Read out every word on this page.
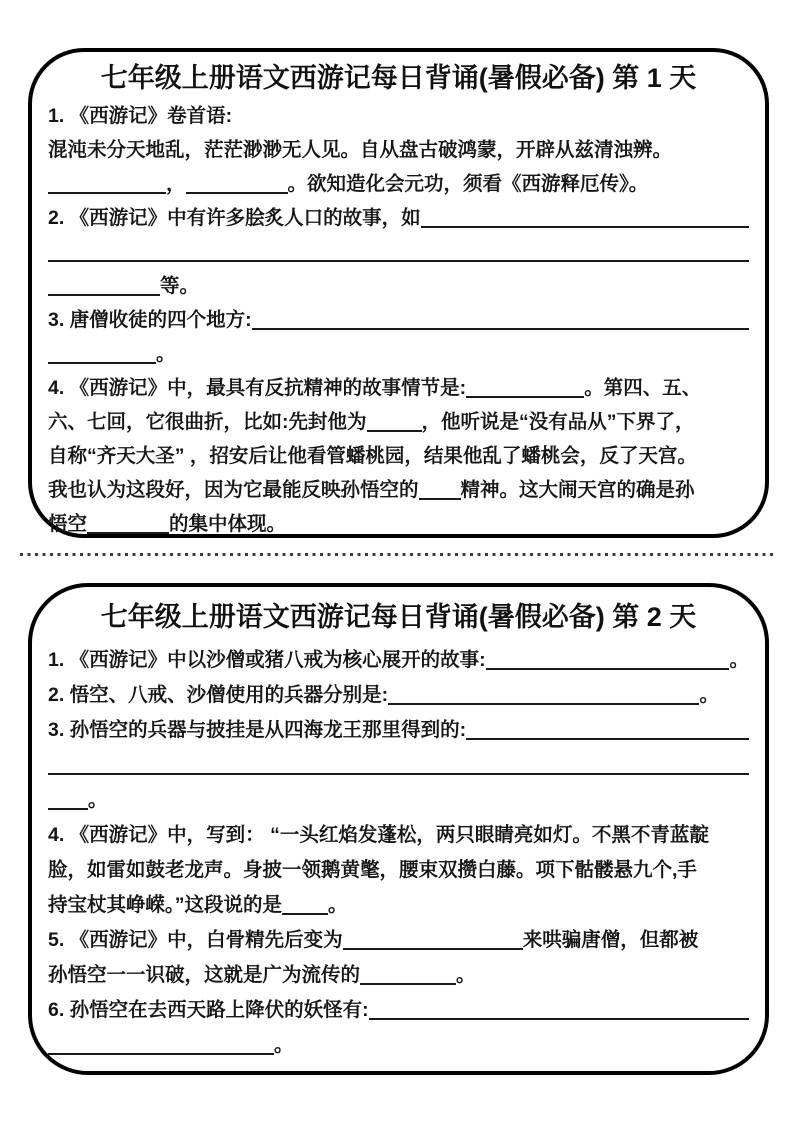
七年级上册语文西游记每日背诵(暑假必备) 第 1 天
1. 《西游记》卷首语:
混沌未分天地乱，茫茫渺渺无人见。自从盘古破鸿蒙，开辟从兹清浊辨。
，	。欲知造化会元功，须看《西游释厄传》。
2. 《西游记》中有许多脍炙人口的故事，如
等。
3. 唐僧收徒的四个地方:
。
4. 《西游记》中，最具有反抗精神的故事情节是:	。第四、五、
六、七回，它很曲折，比如:先封他为	，他听说是“没有品从”下界了，
自称“齐天大圣” ，招安后让他看管蟠桃园，结果他乱了蟠桃会，反了天宫。
我也认为这段好，因为它最能反映孙悟空的 精神。这大闹天宫的确是孙
悟空	的集中体现。
七年级上册语文西游记每日背诵(暑假必备) 第 2 天
1. 《西游记》中以沙僧或猪八戒为核心展开的故事:	。
2. 悟空、八戒、沙僧使用的兵器分别是:	。
3. 孙悟空的兵器与披挂是从四海龙王那里得到的:
。
4. 《西游记》中，写到： “一头红焰发蓬松，两只眼睛亮如灯。不黑不青蓝靛
脸，如雷如鼓老龙声。身披一领鹅黄氅，腰束双攒白藤。项下骷髅悬九个,手
持宝杖其峥嵘。”这段说的是 。
5. 《西游记》中，白骨精先后变为	来哄骗唐僧，但都被
孙悟空一一识破，这就是广为流传的	。
6. 孙悟空在去西天路上降伏的妖怪有:
。
